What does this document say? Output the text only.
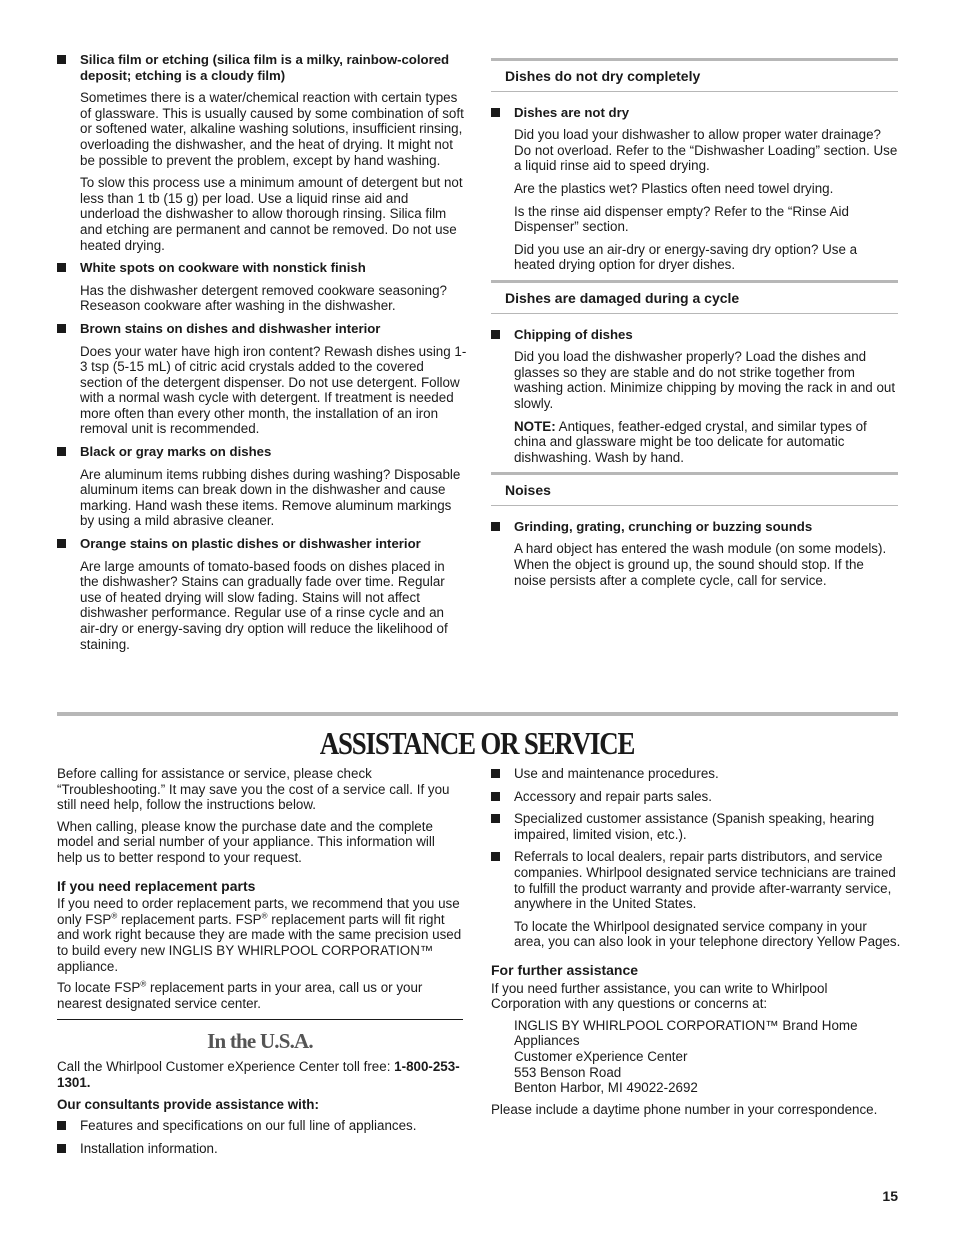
Silica film or etching (silica film is a milky, rainbow-colored deposit; etching is a cloudy film)
Sometimes there is a water/chemical reaction with certain types of glassware. This is usually caused by some combination of soft or softened water, alkaline washing solutions, insufficient rinsing, overloading the dishwasher, and the heat of drying. It might not be possible to prevent the problem, except by hand washing.
To slow this process use a minimum amount of detergent but not less than 1 tb (15 g) per load. Use a liquid rinse aid and underload the dishwasher to allow thorough rinsing. Silica film and etching are permanent and cannot be removed. Do not use heated drying.
White spots on cookware with nonstick finish
Has the dishwasher detergent removed cookware seasoning? Reseason cookware after washing in the dishwasher.
Brown stains on dishes and dishwasher interior
Does your water have high iron content? Rewash dishes using 1-3 tsp (5-15 mL) of citric acid crystals added to the covered section of the detergent dispenser. Do not use detergent. Follow with a normal wash cycle with detergent. If treatment is needed more often than every other month, the installation of an iron removal unit is recommended.
Black or gray marks on dishes
Are aluminum items rubbing dishes during washing? Disposable aluminum items can break down in the dishwasher and cause marking. Hand wash these items. Remove aluminum markings by using a mild abrasive cleaner.
Orange stains on plastic dishes or dishwasher interior
Are large amounts of tomato-based foods on dishes placed in the dishwasher? Stains can gradually fade over time. Regular use of heated drying will slow fading. Stains will not affect dishwasher performance. Regular use of a rinse cycle and an air-dry or energy-saving dry option will reduce the likelihood of staining.
Dishes do not dry completely
Dishes are not dry
Did you load your dishwasher to allow proper water drainage? Do not overload. Refer to the “Dishwasher Loading” section. Use a liquid rinse aid to speed drying.
Are the plastics wet? Plastics often need towel drying.
Is the rinse aid dispenser empty? Refer to the “Rinse Aid Dispenser” section.
Did you use an air-dry or energy-saving dry option? Use a heated drying option for dryer dishes.
Dishes are damaged during a cycle
Chipping of dishes
Did you load the dishwasher properly? Load the dishes and glasses so they are stable and do not strike together from washing action. Minimize chipping by moving the rack in and out slowly.
NOTE: Antiques, feather-edged crystal, and similar types of china and glassware might be too delicate for automatic dishwashing. Wash by hand.
Noises
Grinding, grating, crunching or buzzing sounds
A hard object has entered the wash module (on some models). When the object is ground up, the sound should stop. If the noise persists after a complete cycle, call for service.
ASSISTANCE OR SERVICE
Before calling for assistance or service, please check “Troubleshooting.” It may save you the cost of a service call. If you still need help, follow the instructions below.
When calling, please know the purchase date and the complete model and serial number of your appliance. This information will help us to better respond to your request.
If you need replacement parts
If you need to order replacement parts, we recommend that you use only FSP® replacement parts. FSP® replacement parts will fit right and work right because they are made with the same precision used to build every new INGLIS BY WHIRLPOOL CORPORATION™ appliance.
To locate FSP® replacement parts in your area, call us or your nearest designated service center.
In the U.S.A.
Call the Whirlpool Customer eXperience Center toll free: 1-800-253-1301.
Our consultants provide assistance with:
Features and specifications on our full line of appliances.
Installation information.
Use and maintenance procedures.
Accessory and repair parts sales.
Specialized customer assistance (Spanish speaking, hearing impaired, limited vision, etc.).
Referrals to local dealers, repair parts distributors, and service companies. Whirlpool designated service technicians are trained to fulfill the product warranty and provide after-warranty service, anywhere in the United States.
To locate the Whirlpool designated service company in your area, you can also look in your telephone directory Yellow Pages.
For further assistance
If you need further assistance, you can write to Whirlpool Corporation with any questions or concerns at:
INGLIS BY WHIRLPOOL CORPORATION™ Brand Home Appliances
Customer eXperience Center
553 Benson Road
Benton Harbor, MI 49022-2692
Please include a daytime phone number in your correspondence.
15
